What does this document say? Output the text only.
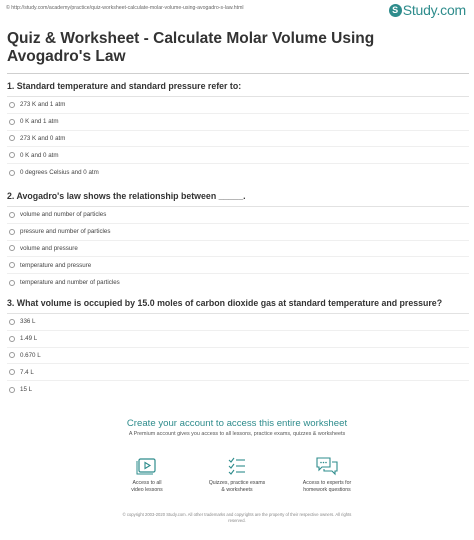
© http://study.com/academy/practice/quiz-worksheet-calculate-molar-volume-using-avogadro-s-law.html	S Study.com
Quiz & Worksheet - Calculate Molar Volume Using
Avogadro's Law
1. Standard temperature and standard pressure refer to:
273 K and 1 atm
0 K and 1 atm
273 K and 0 atm
0 K and 0 atm
0 degrees Celsius and 0 atm
2. Avogadro's law shows the relationship between _____.
volume and number of particles
pressure and number of particles
volume and pressure
temperature and pressure
temperature and number of particles
3. What volume is occupied by 15.0 moles of carbon dioxide gas at standard temperature and pressure?
336 L
1.49 L
0.670 L
7.4 L
15 L
Create your account to access this entire worksheet
A Premium account gives you access to all lessons, practice exams, quizzes & worksheets
Access to all
video lessons
Quizzes, practice exams
& worksheets
Access to experts for
homework questions
© copyright 2003-2020 Study.com. All other trademarks and copyrights are the property of their respective owners. All rights
reserved.
